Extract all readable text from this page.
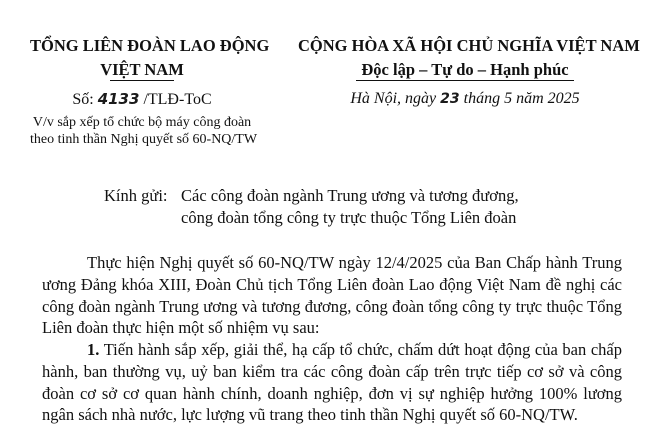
TỔNG LIÊN ĐOÀN LAO ĐỘNG
VIỆT NAM
CỘNG HÒA XÃ HỘI CHỦ NGHĨA VIỆT NAM
Độc lập – Tự do – Hạnh phúc
Số: 4133 /TLĐ-ToC	Hà Nội, ngày 23 tháng 5 năm 2025
V/v sắp xếp tổ chức bộ máy công đoàn
theo tinh thần Nghị quyết số 60-NQ/TW
Kính gửi: Các công đoàn ngành Trung ương và tương đương,
công đoàn tổng công ty trực thuộc Tổng Liên đoàn
Thực hiện Nghị quyết số 60-NQ/TW ngày 12/4/2025 của Ban Chấp hành Trung ương Đảng khóa XIII, Đoàn Chủ tịch Tổng Liên đoàn Lao động Việt Nam đề nghị các công đoàn ngành Trung ương và tương đương, công đoàn tổng công ty trực thuộc Tổng Liên đoàn thực hiện một số nhiệm vụ sau:
1. Tiến hành sắp xếp, giải thể, hạ cấp tổ chức, chấm dứt hoạt động của ban chấp hành, ban thường vụ, uỷ ban kiểm tra các công đoàn cấp trên trực tiếp cơ sở và công đoàn cơ sở cơ quan hành chính, doanh nghiệp, đơn vị sự nghiệp hưởng 100% lương ngân sách nhà nước, lực lượng vũ trang theo tinh thần Nghị quyết số 60-NQ/TW.
